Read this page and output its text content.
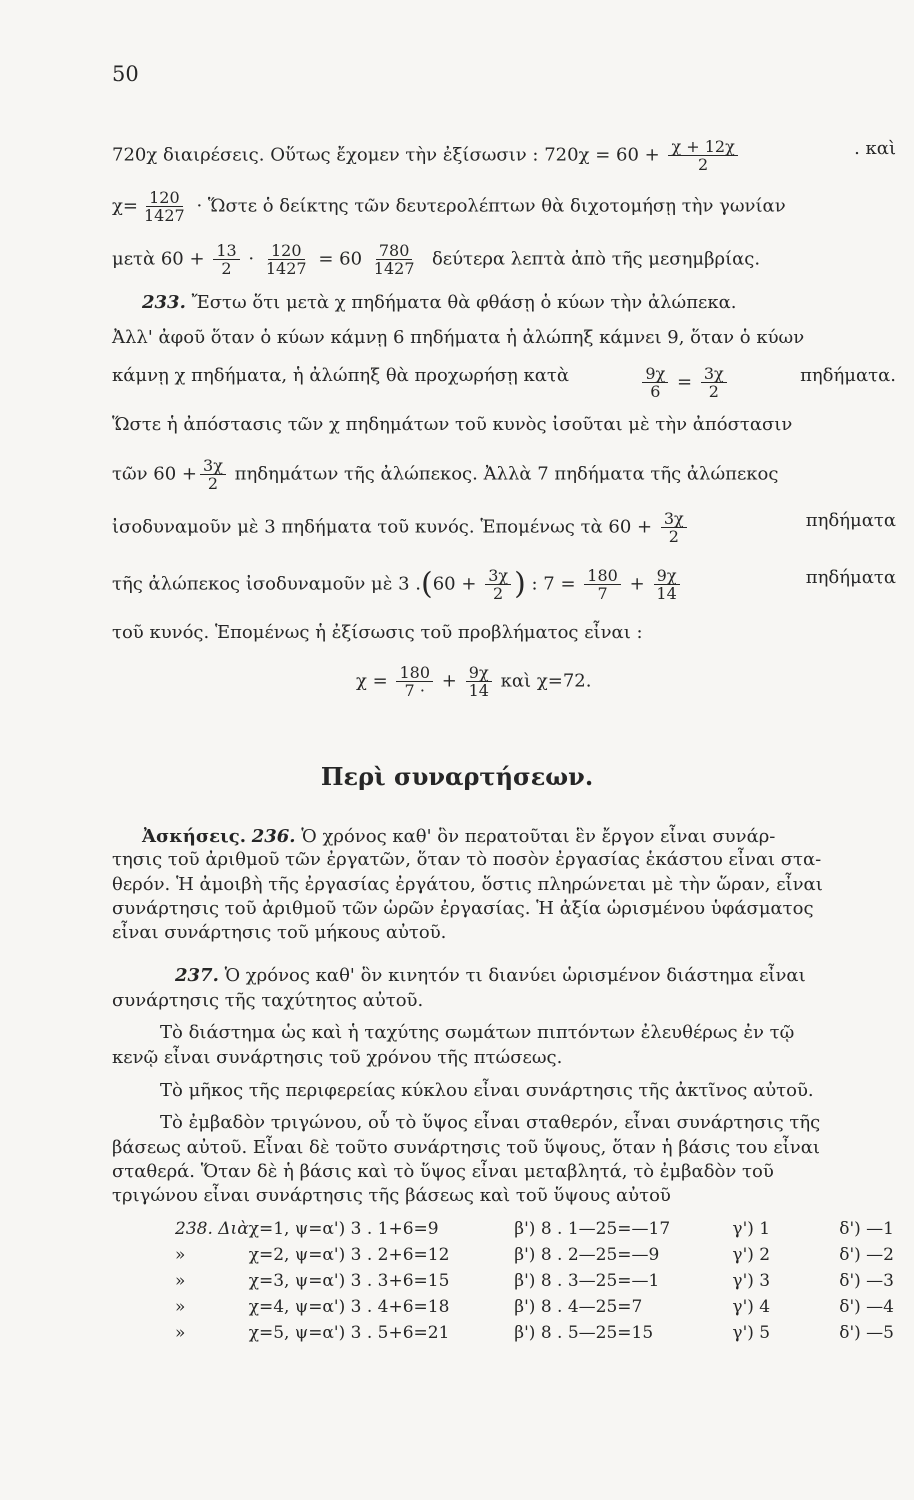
50
720χ διαιρέσεις. Οὕτως ἔχομεν τὴν ἐξίσωσιν : $720\chi = 60 + \frac{\chi + 12\chi}{2}$	. καὶ
$\chi= \frac{120}{1427}$ · Ὥστε ὁ δείκτης τῶν δευτερολέπτων θὰ διχοτομήσῃ τὴν γωνίαν
μετὰ $60 + \frac{13}{2} \cdot \frac{120}{1427} = 60 \frac{780}{1427}$ δεύτερα λεπτὰ ἀπὸ τῆς μεσημβρίας.
233. Ἔστω ὅτι μετὰ χ πηδήματα θὰ φθάσῃ ὁ κύων τὴν ἀλώπεκα.
Ἀλλ' ἀφοῦ ὅταν ὁ κύων κάμνῃ 6 πηδήματα ἡ ἀλώπηξ κάμνει 9, ὅταν ὁ κύων
κάμνῃ χ πηδήματα, ἡ ἀλώπηξ θὰ προχωρήσῃ κατὰ	$\frac{9\chi}{6} = \frac{3\chi}{2}$	πηδήματα.
Ὥστε ἡ ἀπόστασις τῶν χ πηδημάτων τοῦ κυνὸς ἰσοῦται μὲ τὴν ἀπόστασιν
τῶν $60 + \frac{3\chi}{2}$ πηδημάτων τῆς ἀλώπεκος. Ἀλλὰ 7 πηδήματα τῆς ἀλώπεκος
ἰσοδυναμοῦν μὲ 3 πηδήματα τοῦ κυνός. Ἑπομένως τὰ $60 + \frac{3\chi}{2}$	πηδήματα
τῆς ἀλώπεκος ἰσοδυναμοῦν μὲ 3 $.(60 + \frac{3\chi}{2}$ ) : $7 = \frac{180}{7} + \frac{9\chi}{14}$	πηδήματα
τοῦ κυνός. Ἑπομένως ἡ ἐξίσωσις τοῦ προβλήματος εἶναι :
$\chi = \frac{180}{7 \cdot} + \frac{9\chi}{14}$ καὶ χ=72.
Περὶ συναρτήσεων.
Ἀσκήσεις. 236. Ὁ χρόνος καθ' ὃν περατοῦται ἓν ἔργον εἶναι συνάρ-
τησις τοῦ ἀριθμοῦ τῶν ἐργατῶν, ὅταν τὸ ποσὸν ἐργασίας ἑκάστου εἶναι στα-
θερόν. Ἡ ἀμοιβὴ τῆς ἐργασίας ἐργάτου, ὅστις πληρώνεται μὲ τὴν ὥραν, εἶναι
συνάρτησις τοῦ ἀριθμοῦ τῶν ὡρῶν ἐργασίας. Ἡ ἀξία ὡρισμένου ὑφάσματος
εἶναι συνάρτησις τοῦ μήκους αὐτοῦ.
237. Ὁ χρόνος καθ' ὃν κινητόν τι διανύει ὡρισμένον διάστημα εἶναι
συνάρτησις τῆς ταχύτητος αὐτοῦ.
Τὸ διάστημα ὡς καὶ ἡ ταχύτης σωμάτων πιπτόντων ἐλευθέρως ἐν τῷ
κενῷ εἶναι συνάρτησις τοῦ χρόνου τῆς πτώσεως.
Τὸ μῆκος τῆς περιφερείας κύκλου εἶναι συνάρτησις τῆς ἀκτῖνος αὐτοῦ.
Τὸ ἐμβαδὸν τριγώνου, οὗ τὸ ὕψος εἶναι σταθερόν, εἶναι συνάρτησις τῆς
βάσεως αὐτοῦ. Εἶναι δὲ τοῦτο συνάρτησις τοῦ ὕψους, ὅταν ἡ βάσις του εἶναι
σταθερά. Ὅταν δὲ ἡ βάσις καὶ τὸ ὕψος εἶναι μεταβλητά, τὸ ἐμβαδὸν τοῦ
τριγώνου εἶναι συνάρτησις τῆς βάσεως καὶ τοῦ ὕψους αὐτοῦ
238. Διὰ	χ=1, ψ=α') 3 . 1+6=9	β') 8 . 1—25=—17	γ') 1	δ') —1
»	χ=2, ψ=α') 3 . 2+6=12	β') 8 . 2—25=—9	γ') 2	δ') —2
»	χ=3, ψ=α') 3 . 3+6=15	β') 8 . 3—25=—1	γ') 3	δ') —3
»	χ=4, ψ=α') 3 . 4+6=18	β') 8 . 4—25=7	γ') 4	δ') —4
»	χ=5, ψ=α') 3 . 5+6=21	β') 8 . 5—25=15	γ') 5	δ') —5
